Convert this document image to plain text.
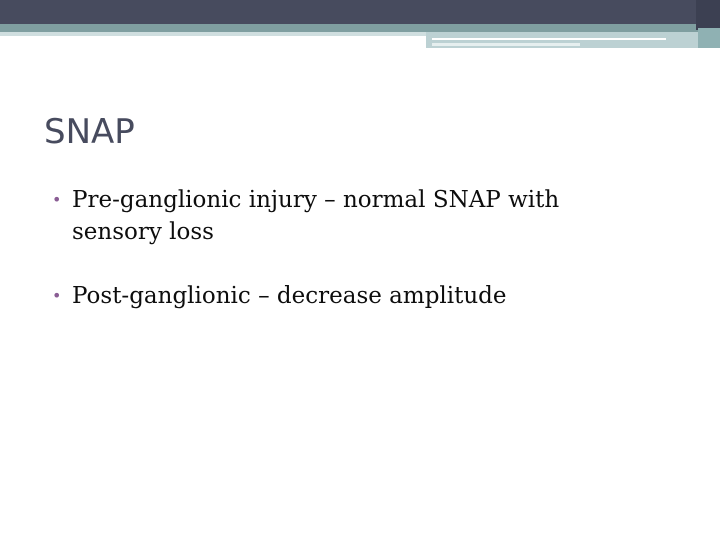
SNAP
• Pre-ganglionic injury – normal SNAP with sensory loss
• Post-ganglionic – decrease amplitude
